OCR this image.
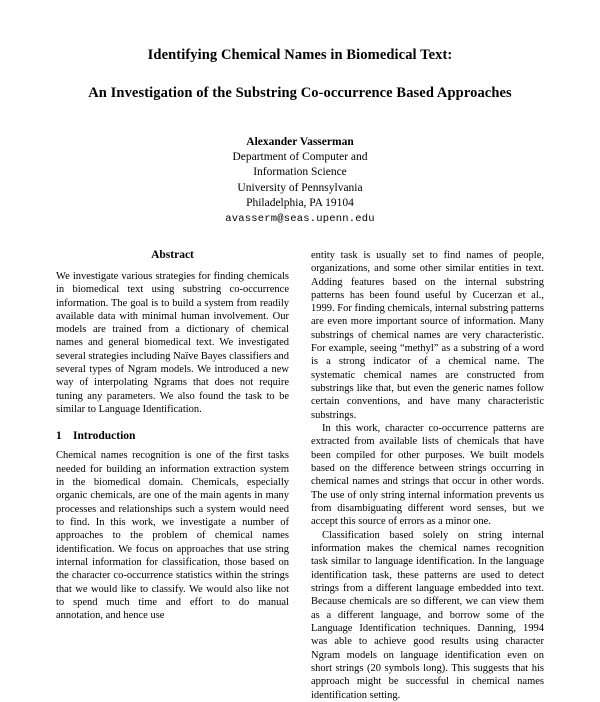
Identifying Chemical Names in Biomedical Text:
An Investigation of the Substring Co-occurrence Based Approaches
Alexander Vasserman
Department of Computer and
Information Science
University of Pennsylvania
Philadelphia, PA 19104
avasserm@seas.upenn.edu
Abstract

We investigate various strategies for finding chemicals in biomedical text using substring co-occurrence information. The goal is to build a system from readily available data with minimal human involvement. Our models are trained from a dictionary of chemical names and general biomedical text. We investigated several strategies including Naïve Bayes classifiers and several types of Ngram models. We introduced a new way of interpolating Ngrams that does not require tuning any parameters. We also found the task to be similar to Language Identification.

1 Introduction

Chemical names recognition is one of the first tasks needed for building an information extraction system in the biomedical domain. Chemicals, especially organic chemicals, are one of the main agents in many processes and relationships such a system would need to find. In this work, we investigate a number of approaches to the problem of chemical names identification. We focus on approaches that use string internal information for classification, those based on the character co-occurrence statistics within the strings that we would like to classify. We would also like not to spend much time and effort to do manual annotation, and hence use

entity task is usually set to find names of people, organizations, and some other similar entities in text. Adding features based on the internal substring patterns has been found useful by Cucerzan et al., 1999. For finding chemicals, internal substring patterns are even more important source of information. Many substrings of chemical names are very characteristic. For example, seeing “methyl” as a substring of a word is a strong indicator of a chemical name. The systematic chemical names are constructed from substrings like that, but even the generic names follow certain conventions, and have many characteristic substrings.

In this work, character co-occurrence patterns are extracted from available lists of chemicals that have been compiled for other purposes. We built models based on the difference between strings occurring in chemical names and strings that occur in other words. The use of only string internal information prevents us from disambiguating different word senses, but we accept this source of errors as a minor one.

Classification based solely on string internal information makes the chemical names recognition task similar to language identification. In the language identification task, these patterns are used to detect strings from a different language embedded into text. Because chemicals are so different, we can view them as a different language, and borrow some of the Language Identification techniques. Danning, 1994 was able to achieve good results using character Ngram models on language identification even on short strings (20 symbols long). This suggests that his approach might be successful in chemical names identification setting.
